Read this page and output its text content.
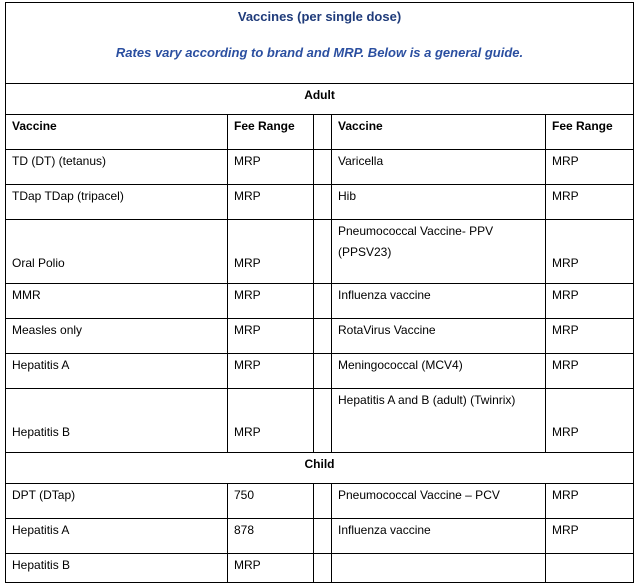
Vaccines (per single dose)
Rates vary according to brand and MRP. Below is a general guide.				

Adult				
Vaccine	Fee Range		Vaccine	Fee Range
TD (DT) (tetanus)	MRP		Varicella	MRP
TDap TDap (tripacel)	MRP		Hib	MRP
Oral Polio	MRP		Pneumococcal Vaccine- PPV (PPSV23)	MRP
MMR	MRP		Influenza vaccine	MRP
Measles only	MRP		RotaVirus Vaccine	MRP
Hepatitis A	MRP		Meningococcal (MCV4)	MRP
Hepatitis B	MRP		Hepatitis A and B (adult) (Twinrix)	MRP
Child				
DPT (DTap)	750		Pneumococcal Vaccine – PCV	MRP
Hepatitis A	878		Influenza vaccine	MRP
Hepatitis B	MRP			
